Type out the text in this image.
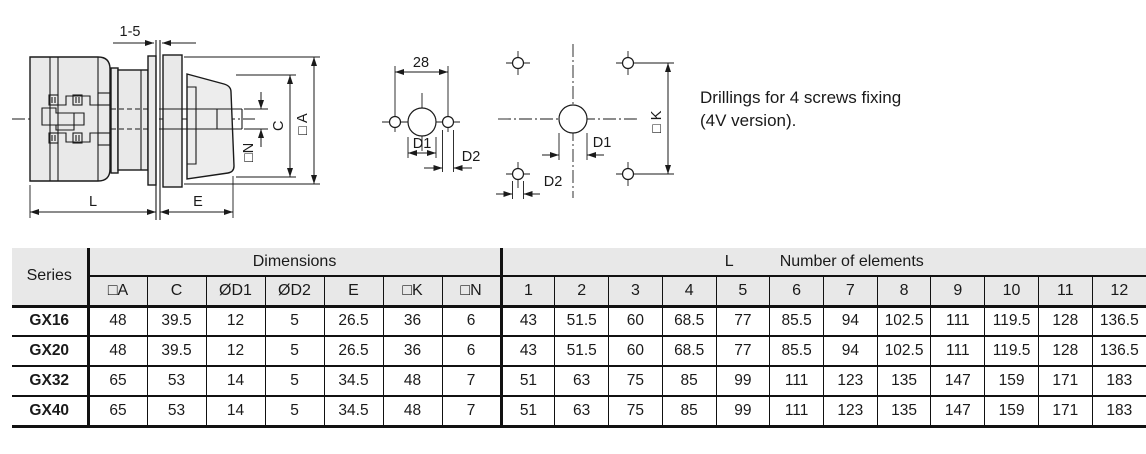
1-5
L	E
□N
C □ A
28
D1
D2
□ K
D1
D2
Drillings for 4 screws fixing
(4V version).
Series	Dimensions							L Number of elements											
	□A	C	ØD1	ØD2	E	□K	□N	1	2	3	4	5	6	7	8	9	10	11	12
GX16	48	39.5	12	5	26.5	36	6	43	51.5	60	68.5	77	85.5	94	102.5	111	119.5	128	136.5
GX20	48	39.5	12	5	26.5	36	6	43	51.5	60	68.5	77	85.5	94	102.5	111	119.5	128	136.5
GX32	65	53	14	5	34.5	48	7	51	63	75	85	99	111	123	135	147	159	171	183
GX40	65	53	14	5	34.5	48	7	51	63	75	85	99	111	123	135	147	159	171	183
